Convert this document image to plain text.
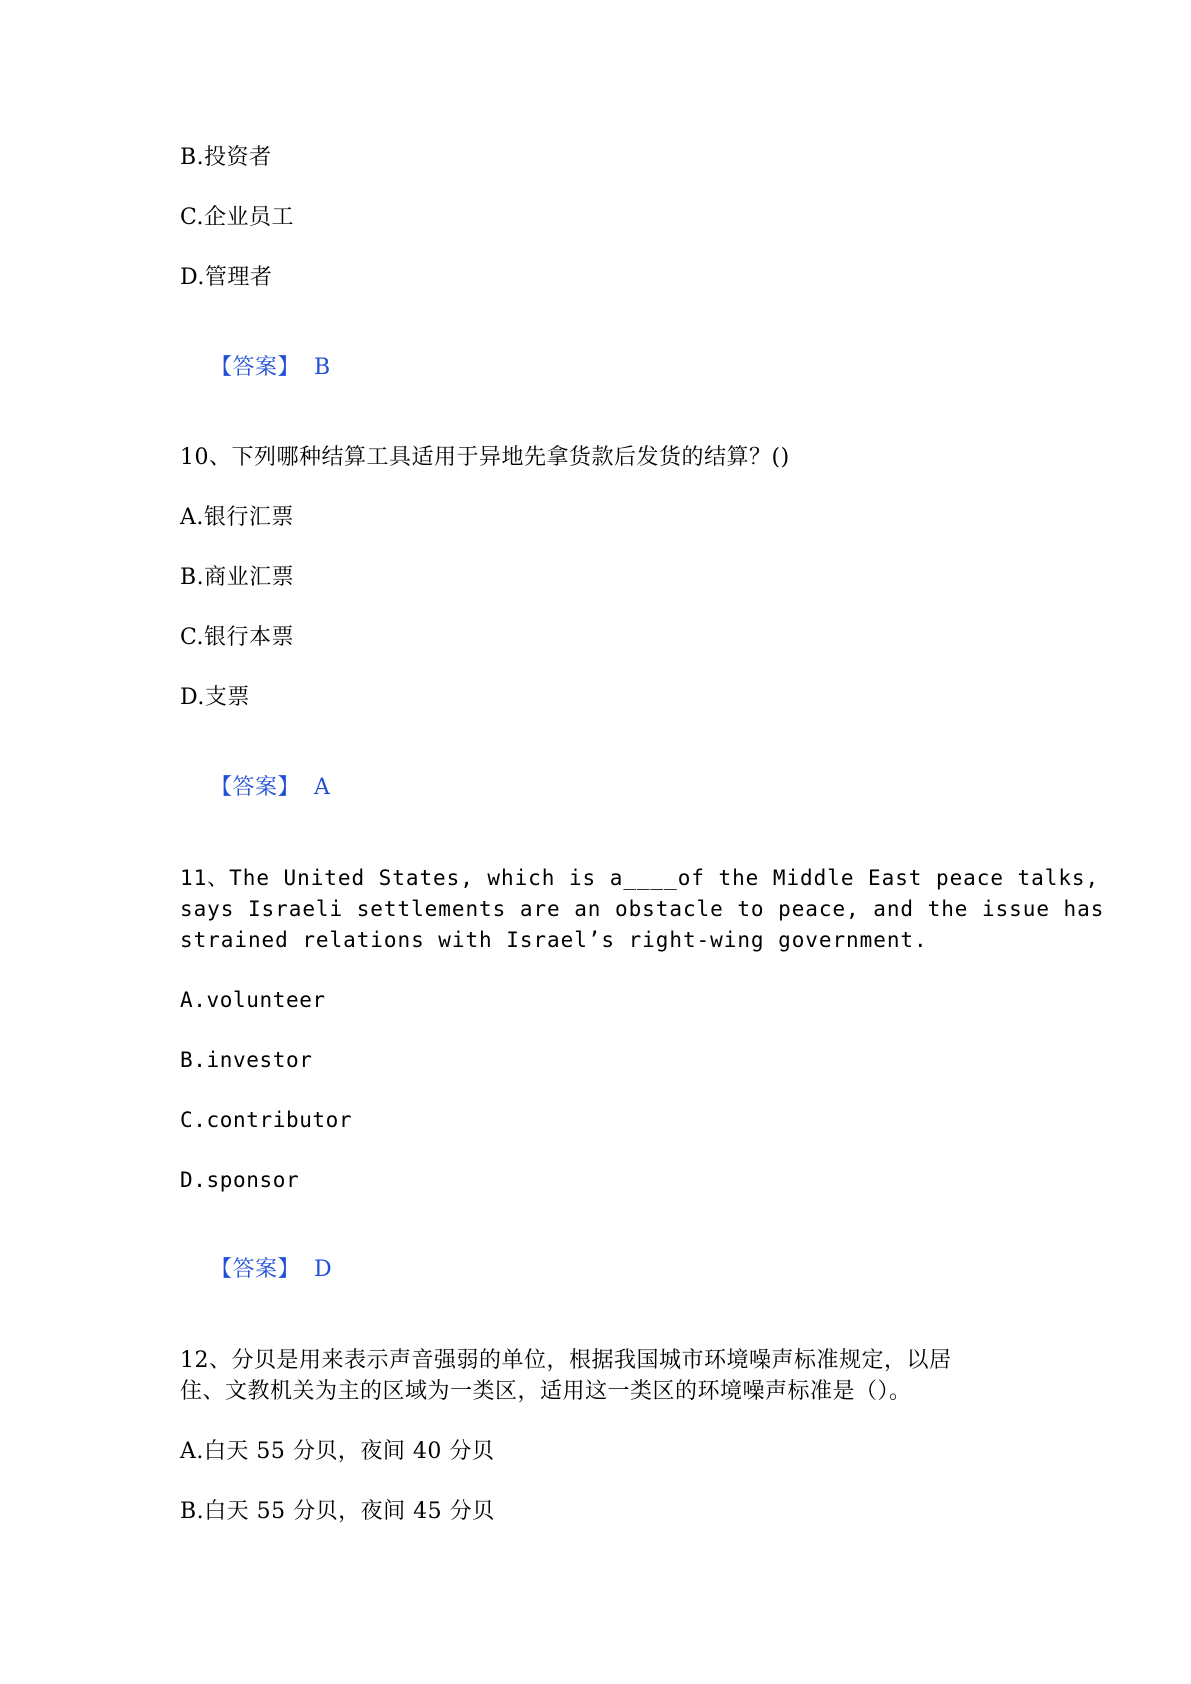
B.投资者
C.企业员工
D.管理者

【答案】 B

10、下列哪种结算工具适用于异地先拿货款后发货的结算？()
A.银行汇票
B.商业汇票
C.银行本票
D.支票

【答案】 A

11、The United States, which is a____of the Middle East peace talks,
says Israeli settlements are an obstacle to peace, and the issue has
strained relations with Israel’s right-wing government.
A.volunteer
B.investor
C.contributor
D.sponsor

【答案】 D

12、分贝是用来表示声音强弱的单位，根据我国城市环境噪声标准规定，以居
住、文教机关为主的区域为一类区，适用这一类区的环境噪声标准是（）。
A.白天 55 分贝，夜间 40 分贝
B.白天 55 分贝，夜间 45 分贝
